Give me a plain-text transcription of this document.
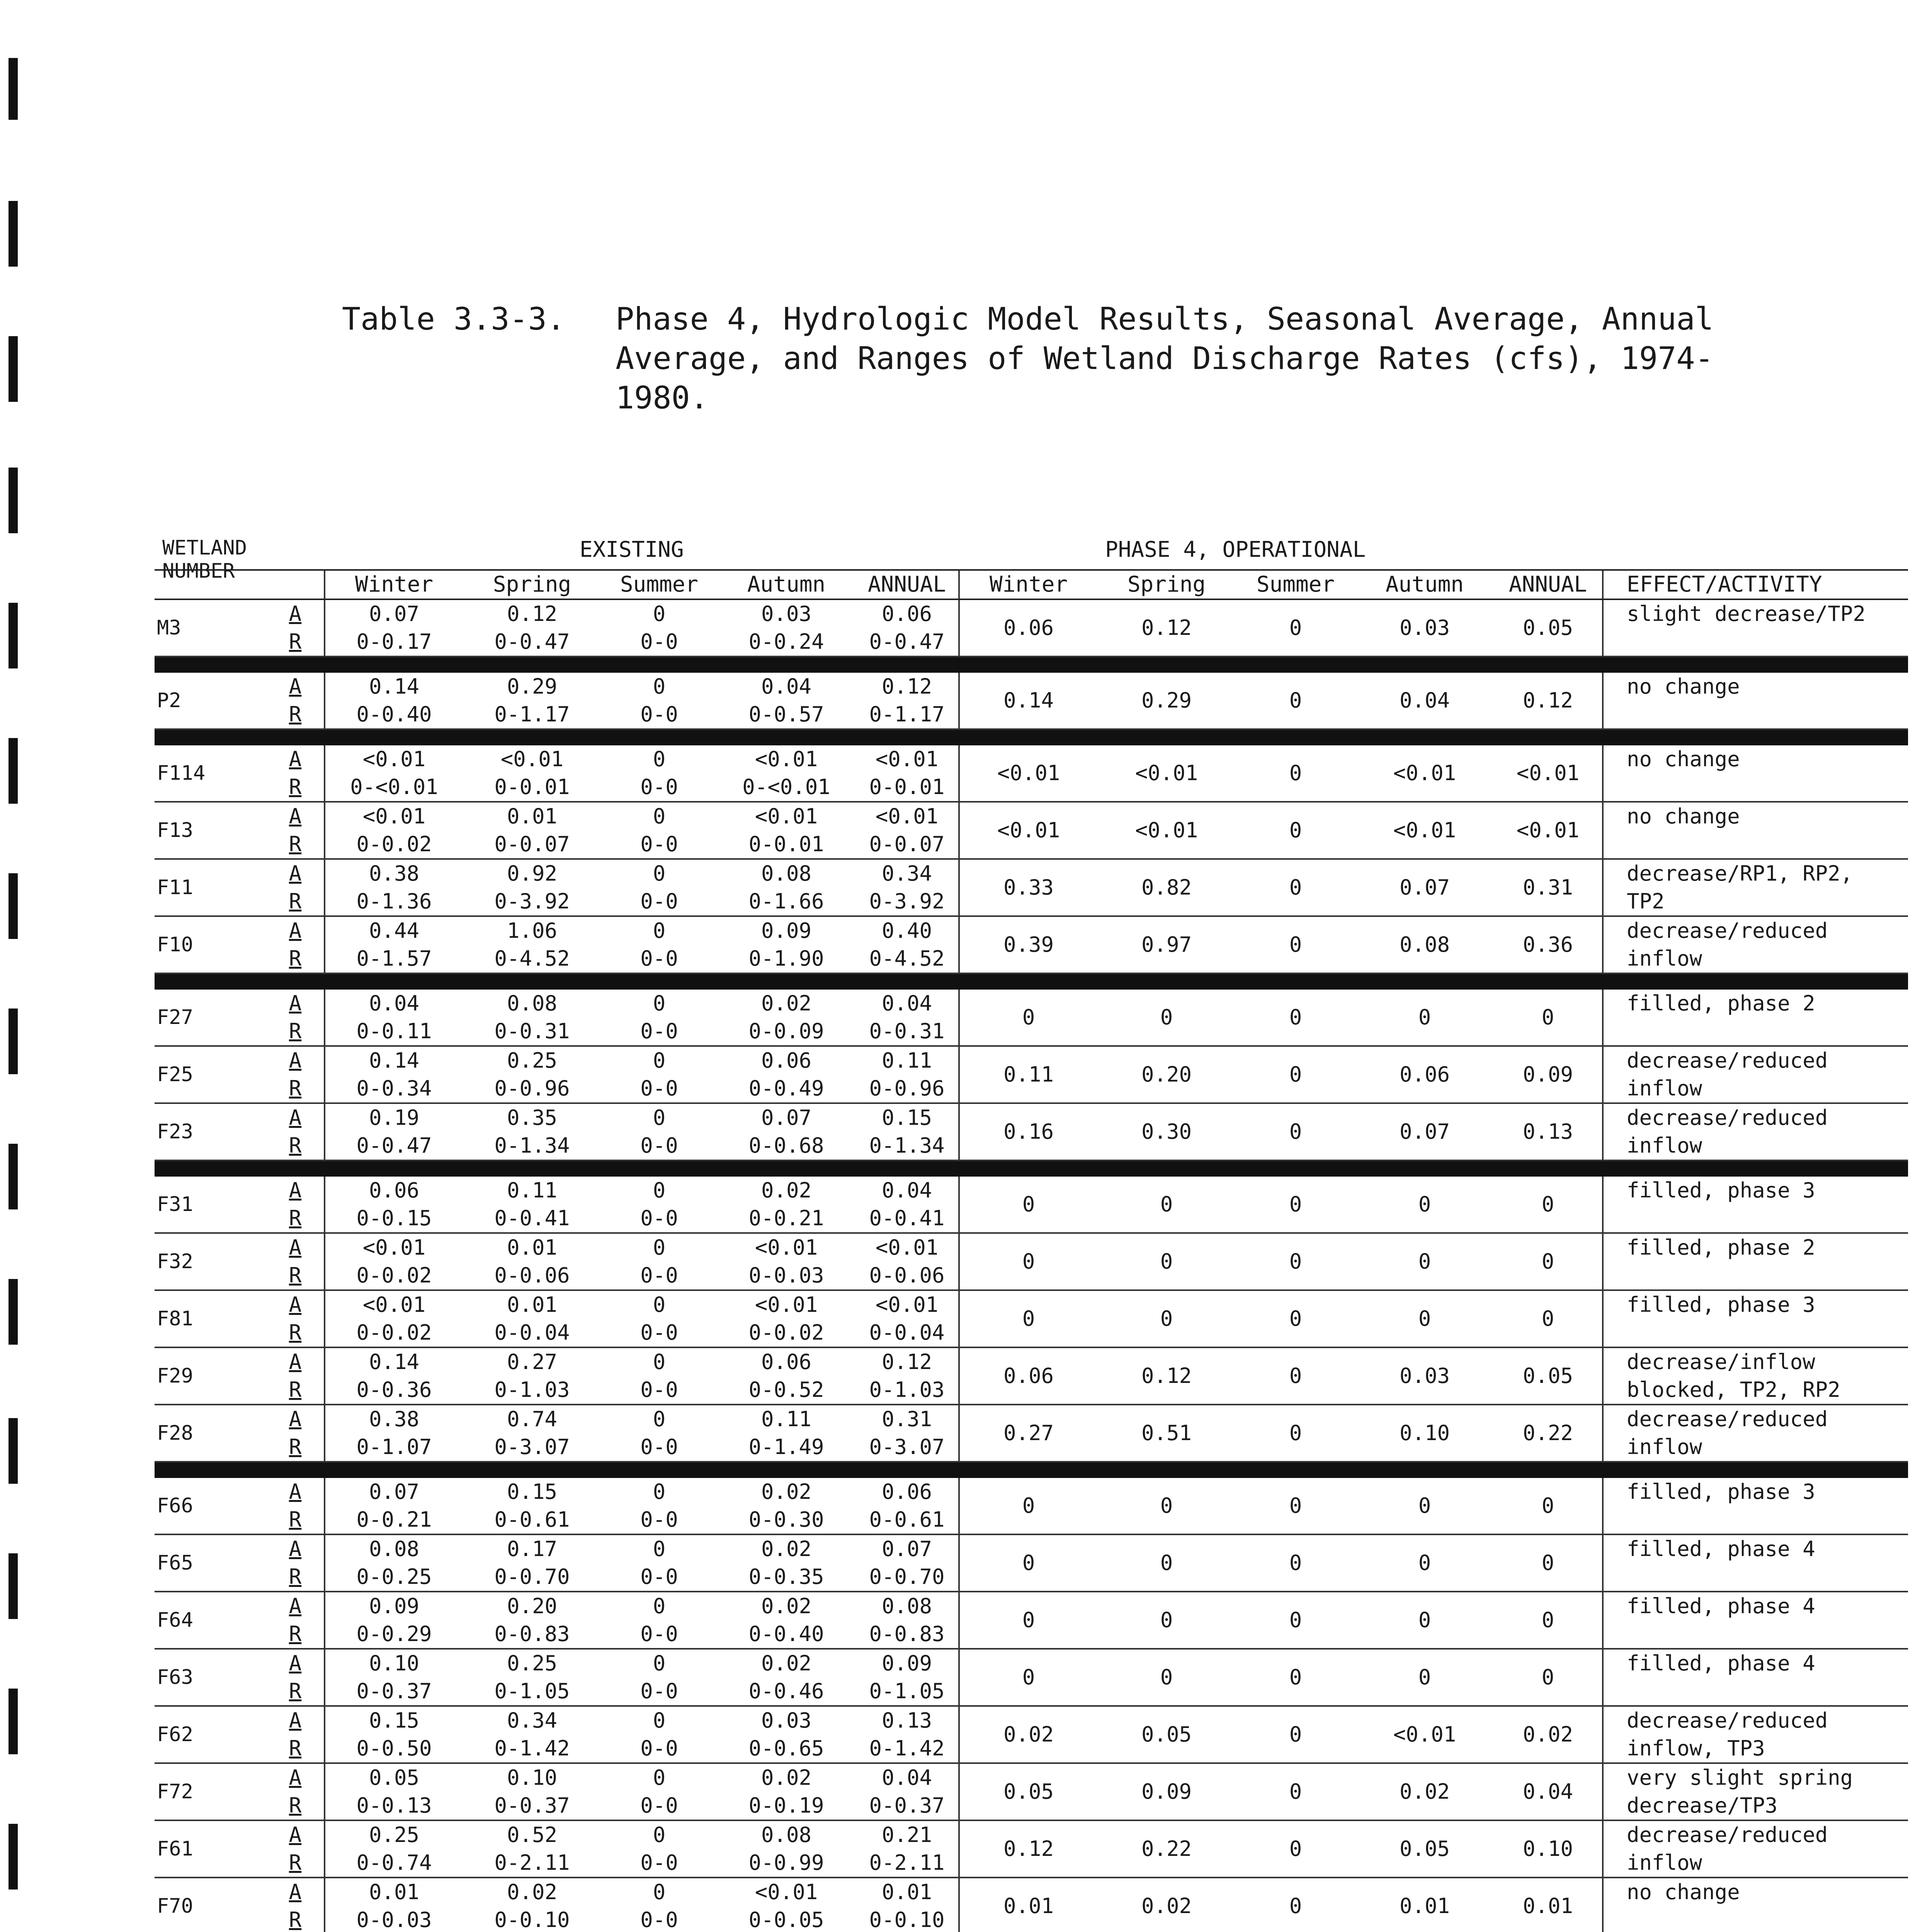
Table 3.3-3. Phase 4, Hydrologic Model Results, Seasonal Average, Annual Average, and Ranges of Wetland Discharge Rates (cfs), 1974-1980.
WETLAND
NUMBER
EXISTING	PHASE 4, OPERATIONAL
		Winter	Spring	Summer	Autumn	ANNUAL	Winter	Spring	Summer	Autumn	ANNUAL	EFFECT/ACTIVITY
M3	A	0.07	0.12	0	0.03	0.06	0.06	0.12	0	0.03	0.05	slight decrease/TP2

	R	0-0.17	0-0.47	0-0	0-0.24	0-0.47						

P2	A	0.14	0.29	0	0.04	0.12	0.14	0.29	0	0.04	0.12	no change

	R	0-0.40	0-1.17	0-0	0-0.57	0-1.17						

F114	A	<0.01	<0.01	0	<0.01	<0.01	<0.01	<0.01	0	<0.01	<0.01	no change

	R	0-<0.01	0-0.01	0-0	0-<0.01	0-0.01						
F13	A	<0.01	0.01	0	<0.01	<0.01	<0.01	<0.01	0	<0.01	<0.01	no change

	R	0-0.02	0-0.07	0-0	0-0.01	0-0.07						
F11	A	0.38	0.92	0	0.08	0.34	0.33	0.82	0	0.07	0.31	decrease/RP1, RP2,
TP2

	R	0-1.36	0-3.92	0-0	0-1.66	0-3.92						
F10	A	0.44	1.06	0	0.09	0.40	0.39	0.97	0	0.08	0.36	decrease/reduced
inflow

	R	0-1.57	0-4.52	0-0	0-1.90	0-4.52						

F27	A	0.04	0.08	0	0.02	0.04	0	0	0	0	0	filled, phase 2

	R	0-0.11	0-0.31	0-0	0-0.09	0-0.31						
F25	A	0.14	0.25	0	0.06	0.11	0.11	0.20	0	0.06	0.09	decrease/reduced
inflow

	R	0-0.34	0-0.96	0-0	0-0.49	0-0.96						
F23	A	0.19	0.35	0	0.07	0.15	0.16	0.30	0	0.07	0.13	decrease/reduced
inflow

	R	0-0.47	0-1.34	0-0	0-0.68	0-1.34						

F31	A	0.06	0.11	0	0.02	0.04	0	0	0	0	0	filled, phase 3

	R	0-0.15	0-0.41	0-0	0-0.21	0-0.41						
F32	A	<0.01	0.01	0	<0.01	<0.01	0	0	0	0	0	filled, phase 2

	R	0-0.02	0-0.06	0-0	0-0.03	0-0.06						
F81	A	<0.01	0.01	0	<0.01	<0.01	0	0	0	0	0	filled, phase 3

	R	0-0.02	0-0.04	0-0	0-0.02	0-0.04						
F29	A	0.14	0.27	0	0.06	0.12	0.06	0.12	0	0.03	0.05	decrease/inflow
blocked, TP2, RP2

	R	0-0.36	0-1.03	0-0	0-0.52	0-1.03						
F28	A	0.38	0.74	0	0.11	0.31	0.27	0.51	0	0.10	0.22	decrease/reduced
inflow

	R	0-1.07	0-3.07	0-0	0-1.49	0-3.07						

F66	A	0.07	0.15	0	0.02	0.06	0	0	0	0	0	filled, phase 3

	R	0-0.21	0-0.61	0-0	0-0.30	0-0.61						
F65	A	0.08	0.17	0	0.02	0.07	0	0	0	0	0	filled, phase 4

	R	0-0.25	0-0.70	0-0	0-0.35	0-0.70						
F64	A	0.09	0.20	0	0.02	0.08	0	0	0	0	0	filled, phase 4

	R	0-0.29	0-0.83	0-0	0-0.40	0-0.83						
F63	A	0.10	0.25	0	0.02	0.09	0	0	0	0	0	filled, phase 4

	R	0-0.37	0-1.05	0-0	0-0.46	0-1.05						
F62	A	0.15	0.34	0	0.03	0.13	0.02	0.05	0	<0.01	0.02	decrease/reduced
inflow, TP3

	R	0-0.50	0-1.42	0-0	0-0.65	0-1.42						
F72	A	0.05	0.10	0	0.02	0.04	0.05	0.09	0	0.02	0.04	very slight spring
decrease/TP3

	R	0-0.13	0-0.37	0-0	0-0.19	0-0.37						
F61	A	0.25	0.52	0	0.08	0.21	0.12	0.22	0	0.05	0.10	decrease/reduced
inflow

	R	0-0.74	0-2.11	0-0	0-0.99	0-2.11						
F70	A	0.01	0.02	0	<0.01	0.01	0.01	0.02	0	0.01	0.01	no change

	R	0-0.03	0-0.10	0-0	0-0.05	0-0.10						
